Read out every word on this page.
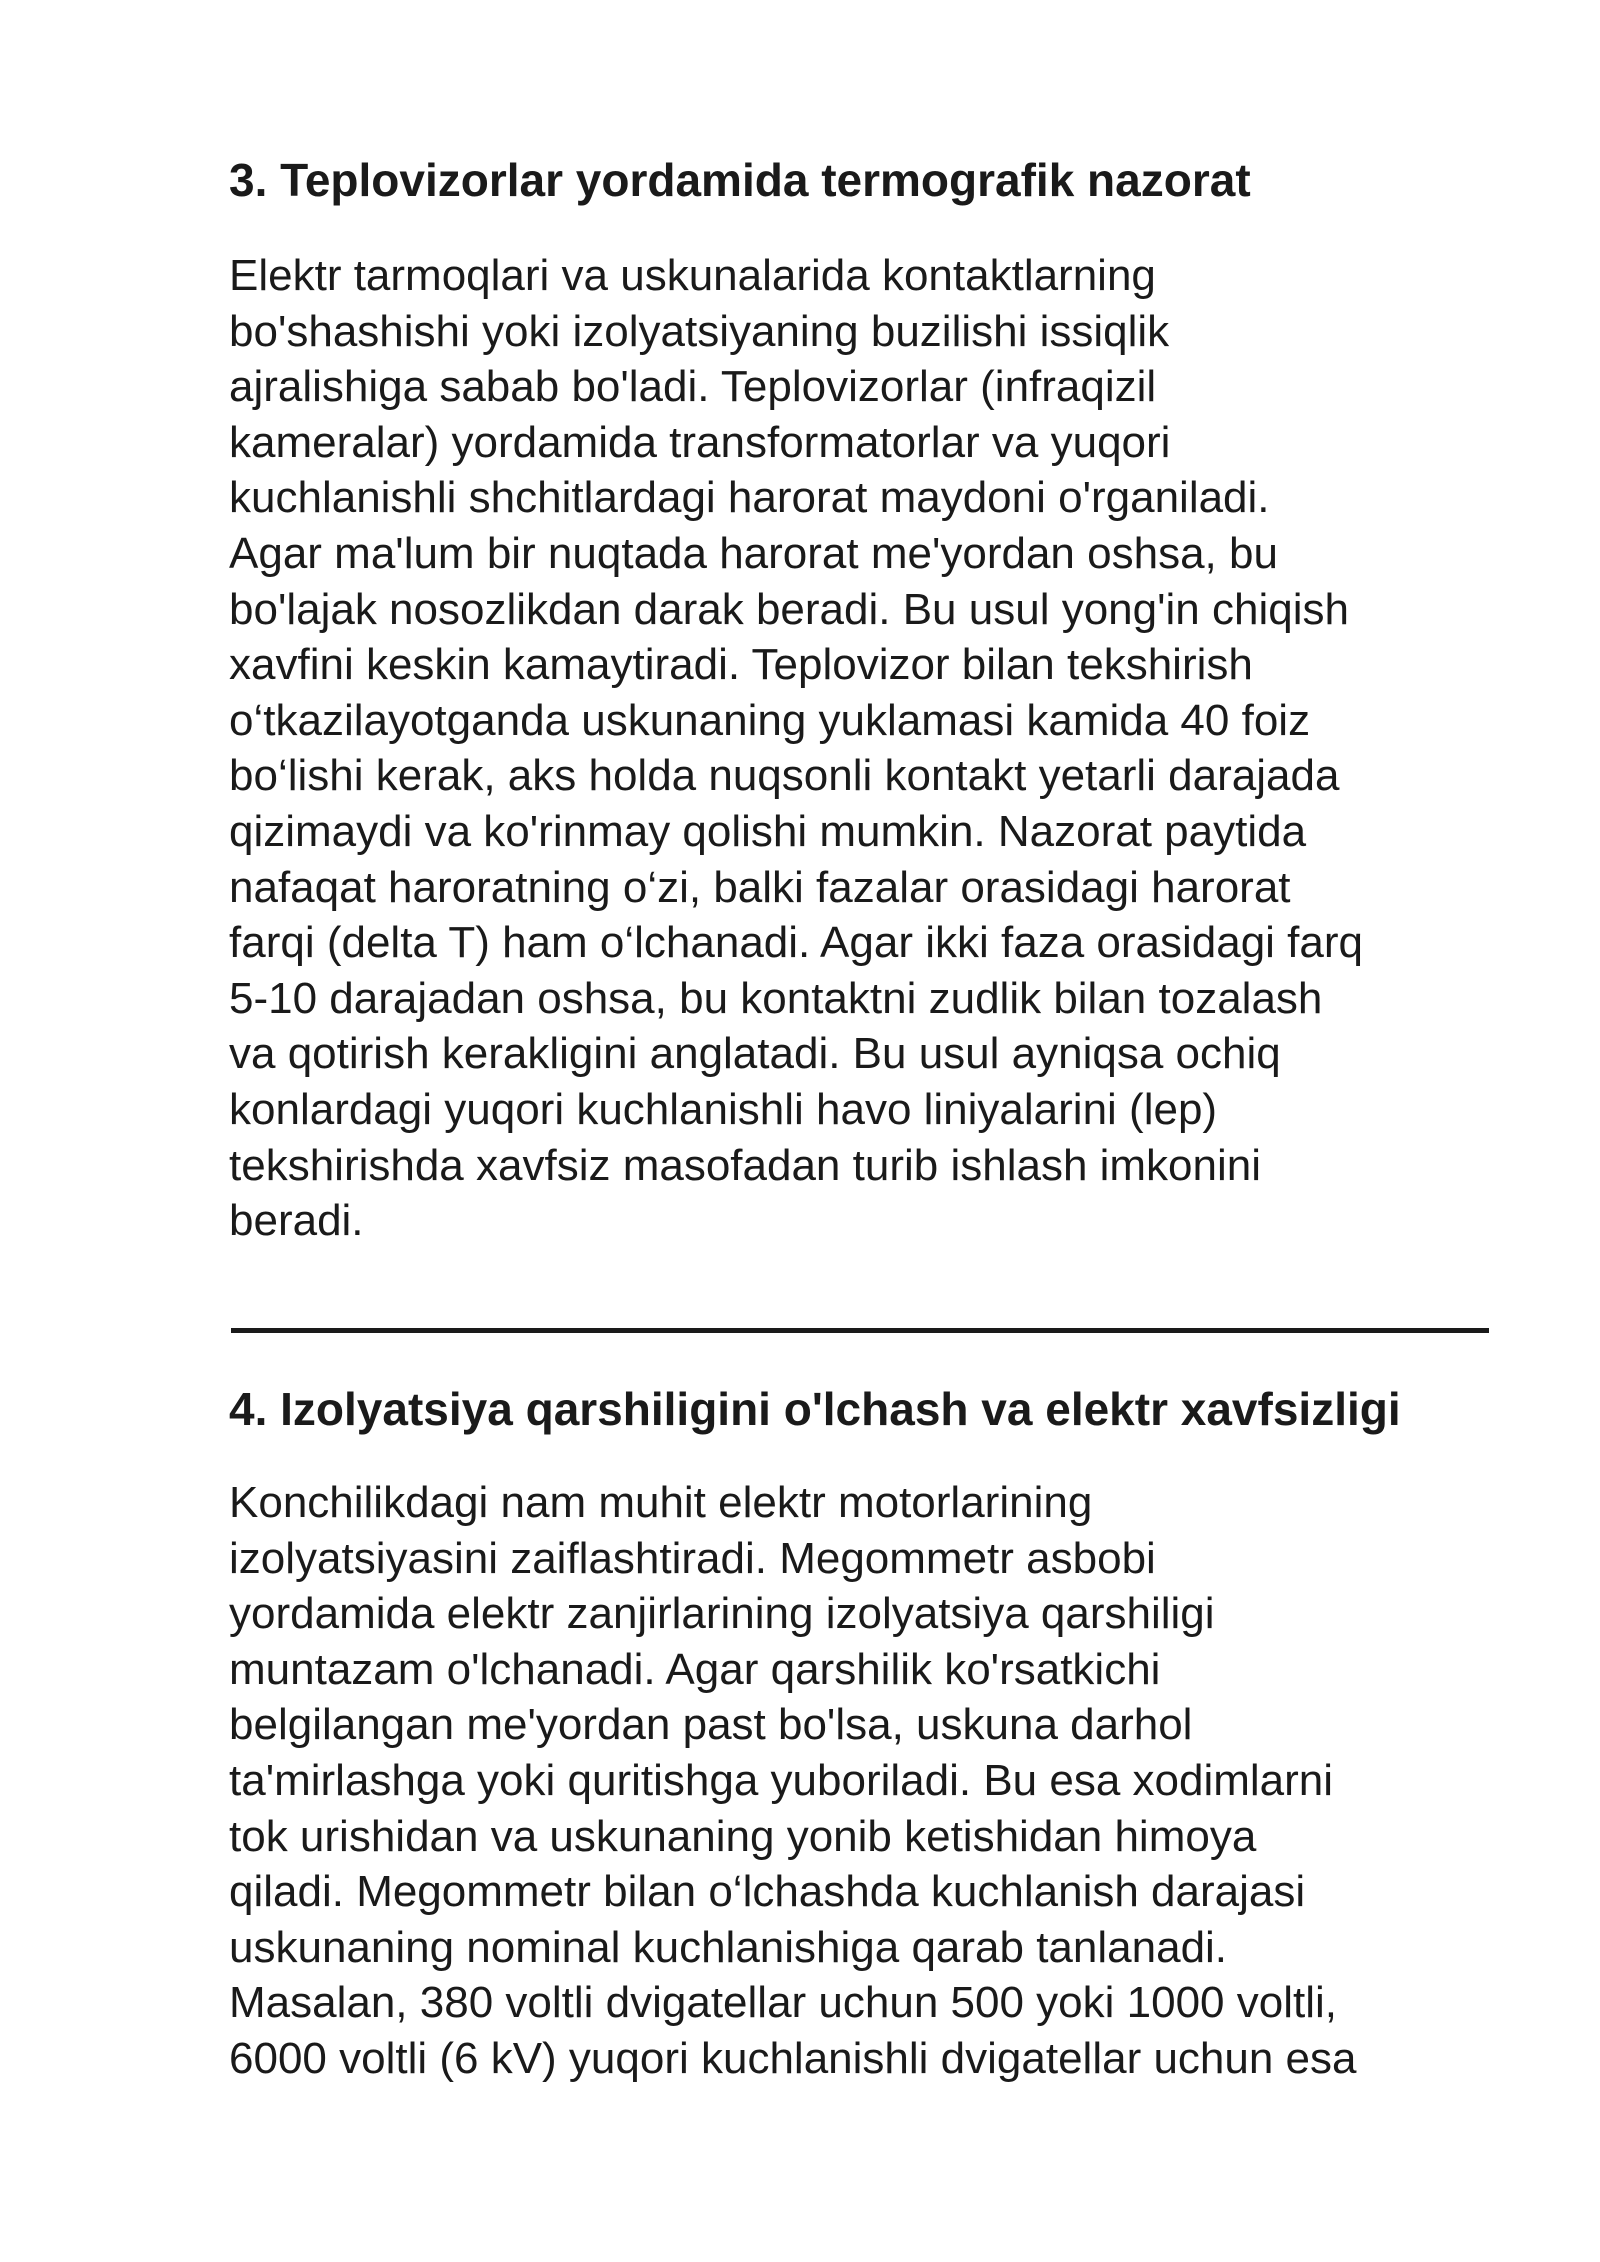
3. Teplovizorlar yordamida termografik nazorat

Elektr tarmoqlari va uskunalarida kontaktlarning
bo'shashishi yoki izolyatsiyaning buzilishi issiqlik
ajralishiga sabab bo'ladi. Teplovizorlar (infraqizil
kameralar) yordamida transformatorlar va yuqori
kuchlanishli shchitlardagi harorat maydoni o'rganiladi.
Agar ma'lum bir nuqtada harorat me'yordan oshsa, bu
bo'lajak nosozlikdan darak beradi. Bu usul yong'in chiqish
xavfini keskin kamaytiradi. Teplovizor bilan tekshirish
o‘tkazilayotganda uskunaning yuklamasi kamida 40 foiz
bo‘lishi kerak, aks holda nuqsonli kontakt yetarli darajada
qizimaydi va ko'rinmay qolishi mumkin. Nazorat paytida
nafaqat haroratning o‘zi, balki fazalar orasidagi harorat
farqi (delta T) ham o‘lchanadi. Agar ikki faza orasidagi farq
5-10 darajadan oshsa, bu kontaktni zudlik bilan tozalash
va qotirish kerakligini anglatadi. Bu usul ayniqsa ochiq
konlardagi yuqori kuchlanishli havo liniyalarini (lep)
tekshirishda xavfsiz masofadan turib ishlash imkonini
beradi.

4. Izolyatsiya qarshiligini o'lchash va elektr xavfsizligi

Konchilikdagi nam muhit elektr motorlarining
izolyatsiyasini zaiflashtiradi. Megommetr asbobi
yordamida elektr zanjirlarining izolyatsiya qarshiligi
muntazam o'lchanadi. Agar qarshilik ko'rsatkichi
belgilangan me'yordan past bo'lsa, uskuna darhol
ta'mirlashga yoki quritishga yuboriladi. Bu esa xodimlarni
tok urishidan va uskunaning yonib ketishidan himoya
qiladi. Megommetr bilan o‘lchashda kuchlanish darajasi
uskunaning nominal kuchlanishiga qarab tanlanadi.
Masalan, 380 voltli dvigatellar uchun 500 yoki 1000 voltli,
6000 voltli (6 kV) yuqori kuchlanishli dvigatellar uchun esa
